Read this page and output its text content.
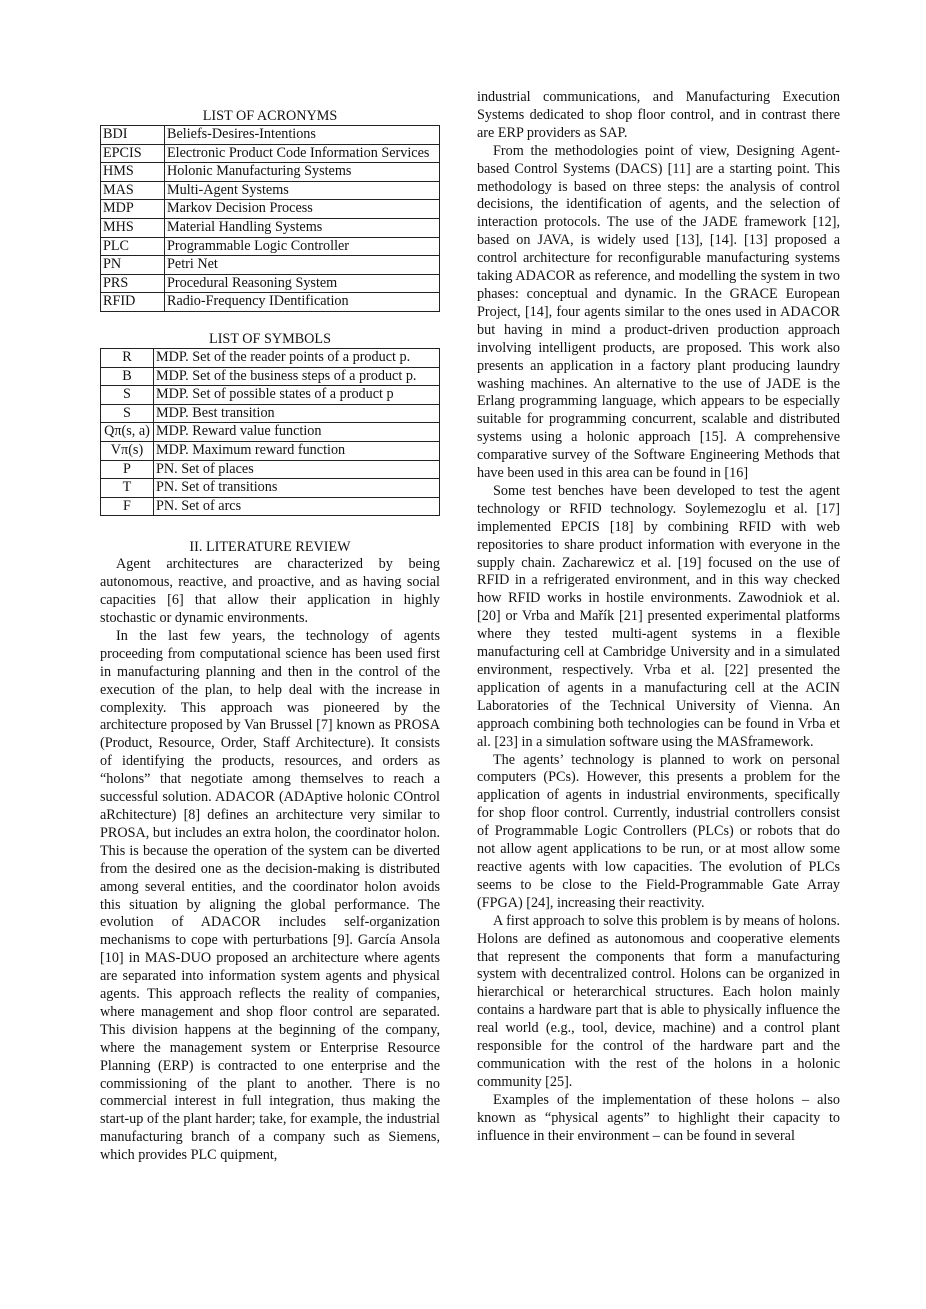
LIST OF ACRONYMS
BDI	Beliefs-Desires-Intentions
EPCIS	Electronic Product Code Information Services
HMS	Holonic Manufacturing Systems
MAS	Multi-Agent Systems
MDP	Markov Decision Process
MHS	Material Handling Systems
PLC	Programmable Logic Controller
PN	Petri Net
PRS	Procedural Reasoning System
RFID	Radio-Frequency IDentification
LIST OF SYMBOLS
R	MDP. Set of the reader points of a product p.
B	MDP. Set of the business steps of a product p.
S	MDP. Set of possible states of a product p
S	MDP. Best transition
Qπ(s, a)	MDP. Reward value function
Vπ(s)	MDP. Maximum reward function
P	PN. Set of places
T	PN. Set of transitions
F	PN. Set of arcs
II. LITERATURE REVIEW

Agent architectures are characterized by being autonomous, reactive, and proactive, and as having social capacities [6] that allow their application in highly stochastic or dynamic environments.

In the last few years, the technology of agents proceeding from computational science has been used first in manufacturing planning and then in the control of the execution of the plan, to help deal with the increase in complexity. This approach was pioneered by the architecture proposed by Van Brussel [7] known as PROSA (Product, Resource, Order, Staff Architecture). It consists of identifying the products, resources, and orders as “holons” that negotiate among themselves to reach a successful solution. ADACOR (ADAptive holonic COntrol aRchitecture) [8] defines an architecture very similar to PROSA, but includes an extra holon, the coordinator holon. This is because the operation of the system can be diverted from the desired one as the decision-making is distributed among several entities, and the coordinator holon avoids this situation by aligning the global performance. The evolution of ADACOR includes self-organization mechanisms to cope with perturbations [9]. García Ansola [10] in MAS-DUO proposed an architecture where agents are separated into information system agents and physical agents. This approach reflects the reality of companies, where management and shop floor control are separated. This division happens at the beginning of the company, where the management system or Enterprise Resource Planning (ERP) is contracted to one enterprise and the commissioning of the plant to another. There is no commercial interest in full integration, thus making the start-up of the plant harder; take, for example, the industrial manufacturing branch of a company such as Siemens, which provides PLC quipment,

industrial communications, and Manufacturing Execution Systems dedicated to shop floor control, and in contrast there are ERP providers as SAP.

From the methodologies point of view, Designing Agent- based Control Systems (DACS) [11] are a starting point. This methodology is based on three steps: the analysis of control decisions, the identification of agents, and the selection of interaction protocols. The use of the JADE framework [12], based on JAVA, is widely used [13], [14]. [13] proposed a control architecture for reconfigurable manufacturing systems taking ADACOR as reference, and modelling the system in two phases: conceptual and dynamic. In the GRACE European Project, [14], four agents similar to the ones used in ADACOR but having in mind a product-driven production approach involving intelligent products, are proposed. This work also presents an application in a factory plant producing laundry washing machines. An alternative to the use of JADE is the Erlang programming language, which appears to be especially suitable for programming concurrent, scalable and distributed systems using a holonic approach [15]. A comprehensive comparative survey of the Software Engineering Methods that have been used in this area can be found in [16]

Some test benches have been developed to test the agent technology or RFID technology. Soylemezoglu et al. [17] implemented EPCIS [18] by combining RFID with web repositories to share product information with everyone in the supply chain. Zacharewicz et al. [19] focused on the use of RFID in a refrigerated environment, and in this way checked how RFID works in hostile environments. Zawodniok et al. [20] or Vrba and Mařík [21] presented experimental platforms where they tested multi-agent systems in a flexible manufacturing cell at Cambridge University and in a simulated environment, respectively. Vrba et al. [22] presented the application of agents in a manufacturing cell at the ACIN Laboratories of the Technical University of Vienna. An approach combining both technologies can be found in Vrba et al. [23] in a simulation software using the MASframework.

The agents’ technology is planned to work on personal computers (PCs). However, this presents a problem for the application of agents in industrial environments, specifically for shop floor control. Currently, industrial controllers consist of Programmable Logic Controllers (PLCs) or robots that do not allow agent applications to be run, or at most allow some reactive agents with low capacities. The evolution of PLCs seems to be close to the Field-Programmable Gate Array (FPGA) [24], increasing their reactivity.

A first approach to solve this problem is by means of holons. Holons are defined as autonomous and cooperative elements that represent the components that form a manufacturing system with decentralized control. Holons can be organized in hierarchical or heterarchical structures. Each holon mainly contains a hardware part that is able to physically influence the real world (e.g., tool, device, machine) and a control plant responsible for the control of the hardware part and the communication with the rest of the holons in a holonic community [25].

Examples of the implementation of these holons – also known as “physical agents” to highlight their capacity to influence in their environment – can be found in several
